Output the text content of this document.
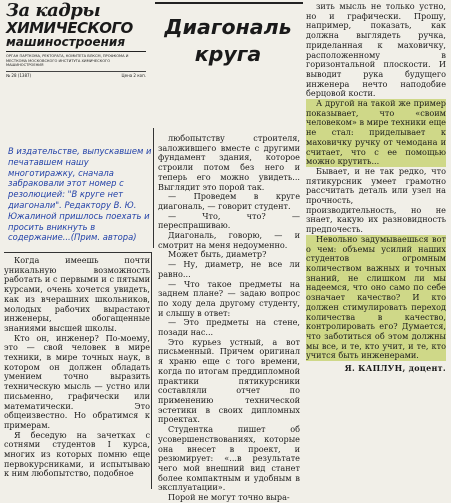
За кадры
ХИМИЧЕСКОГО
машиностроения
ОРГАН ПАРТКОМА, РЕКТОРАТА, КОМИТЕТА ВЛКСМ, ПРОФКОМА И МЕСТКОМА МОСКОВСКОГО ИНСТИТУТА ХИМИЧЕСКОГО МАШИНОСТРОЕНИЯ
№ 28 (1387)	Цена 2 коп.
В издательстве, выпускавшем и печатавшем нашу многотиражку, сначала забраковали этот номер с резолюцией: "В круге нет диагонали". Редактору В. Ю. Южалиной пришлось поехать и просить вникнуть в содержание...(Прим. автора)
Диагональ
круга

Когда имеешь почти уникальную возможность работать и с первыми и с пятыми курсами, очень хочется увидеть, как из вчерашних школьников, молодых рабочих вырастают инженеры, обогащенные знаниями высшей школы.

Кто он, инженер? По-моему, это — свой человек в мире техники, в мире точных наук, в котором он должен обладать умением точно выразить техническую мысль — устно или письменно, графически или математически. Это общеизвестно. Но обратимся к примерам.

Я беседую на зачетках с сотнями студентов I курса, многих из которых помню еще первокурсниками, и испытываю к ним любопытство, подобное

любопытству строителя, заложившего вместе с другими фундамент здания, которое строили потом без него и теперь его можно увидеть... Выглядит это порой так.

— Проведем в круге диагональ, — говорит студент.

— Что, что? — переспрашиваю.

Диагональ, говорю, — и смотрит на меня недоуменно.

Может быть, диаметр?

— Ну, диаметр, не все ли равно...

— Что такое предметы на заднем плане? — задаю вопрос по ходу дела другому студенту, и слышу в ответ:

— Это предметы на стене, позади нас...

Это курьез устный, а вот письменный. Причем оригинал я храню еще с того времени, когда по итогам преддипломной практики пятикурсники составляли отчет по применению технической эстетики в своих дипломных проектах.

Студентка пишет об усовершенствованиях, которые она внесет в проект, и резюмирует: «...в результате чего мой внешний вид станет более компактным и удобным в эксплуатации».

Порой не могут точно выра-

зить мысль не только устно, но и графически. Прошу, например, показать, как должна выглядеть ручка, приделанная к маховичку, расположенному в горизонтальной плоскости. И выводит рука будущего инженера нечто наподобие берцовой кости.

А другой на такой же пример показывает, что «своим человеком» в мире техники еще не стал: приделывает к маховичку ручку от чемодана и считает, что с ее помощью можно крутить...

Бывает, и не так редко, что пятикурсник умеет грамотно рассчитать деталь или узел на прочность, производительность, но не знает, какую их разновидность предпочесть.

Невольно задумываешься вот о чем: объемы усилий наших студентов огромным количеством важных и точных знаний, не слишком ли мы надеемся, что оно само по себе означает качество? И кто должен стимулировать переход количества в качество, контролировать его? Думается, что заботиться об этом должны мы все, и те, кто учит, и те, кто учится быть инженерами.

Я. КАПЛУН, доцент.
